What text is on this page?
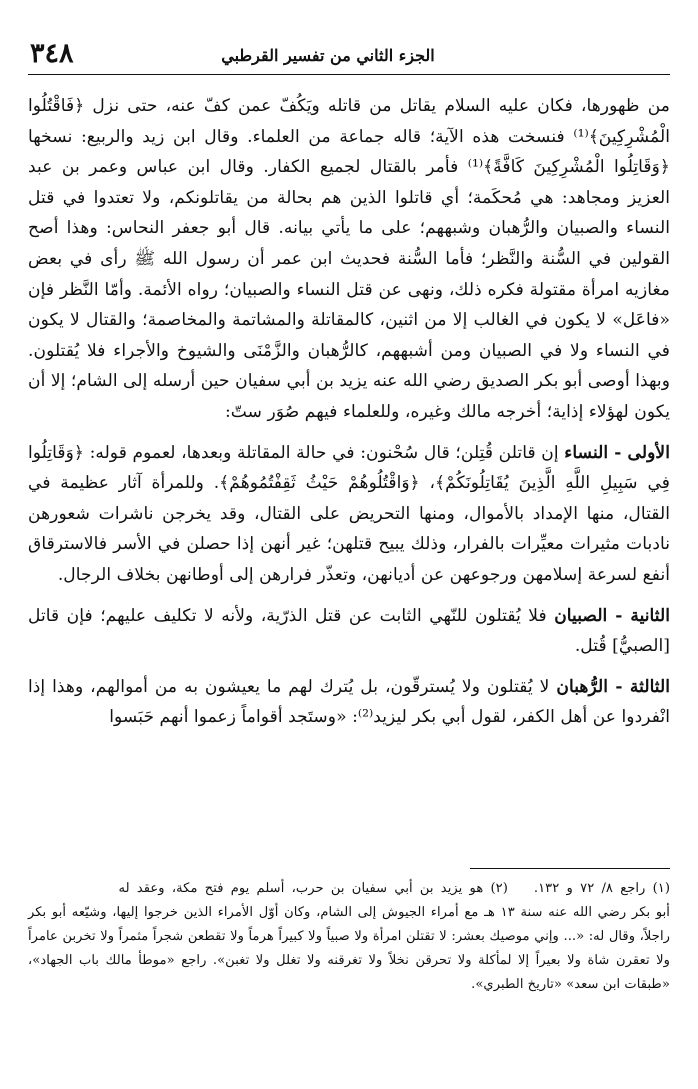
الجزء الثاني من تفسير القرطبي
٣٤٨

من ظهورها، فكان عليه السلام يقاتل من قاتله ويَكُفّ عمن كفّ عنه، حتى نزل ﴿فَاقْتُلُوا الْمُشْرِكِينَ﴾⁽¹⁾ فنسخت هذه الآية؛ قاله جماعة من العلماء. وقال ابن زيد والربيع: نسخها ﴿وَقَاتِلُوا الْمُشْرِكِينَ كَافَّةً﴾⁽¹⁾ فأمر بالقتال لجميع الكفار. وقال ابن عباس وعمر بن عبد العزيز ومجاهد: هي مُحكَمة؛ أي قاتلوا الذين هم بحالة من يقاتلونكم، ولا تعتدوا في قتل النساء والصبيان والرُّهبان وشبههم؛ على ما يأتي بيانه. قال أبو جعفر النحاس: وهذا أصح القولين في السُّنة والنَّظر؛ فأما السُّنة فحديث ابن عمر أن رسول الله ﷺ رأى في بعض مغازيه امرأة مقتولة فكره ذلك، ونهى عن قتل النساء والصبيان؛ رواه الأئمة. وأمّا النَّظر فإن «فاعَل» لا يكون في الغالب إلا من اثنين، كالمقاتلة والمشاتمة والمخاصمة؛ والقتال لا يكون في النساء ولا في الصبيان ومن أشبههم، كالرُّهبان والزَّمْنَى والشيوخ والأجراء فلا يُقتلون. وبهذا أوصى أبو بكر الصديق رضي الله عنه يزيد بن أبي سفيان حين أرسله إلى الشام؛ إلا أن يكون لهؤلاء إذاية؛ أخرجه مالك وغيره، وللعلماء فيهم صُوَر ستّ:

الأولى - النساء إن قاتلن قُتِلن؛ قال سُحْنون: في حالة المقاتلة وبعدها، لعموم قوله: ﴿وَقَاتِلُوا فِي سَبِيلِ اللَّهِ الَّذِينَ يُقَاتِلُونَكُمْ﴾، ﴿وَاقْتُلُوهُمْ حَيْثُ ثَقِفْتُمُوهُمْ﴾. وللمرأة آثار عظيمة في القتال، منها الإمداد بالأموال، ومنها التحريض على القتال، وقد يخرجن ناشرات شعورهن نادبات مثيرات معيِّرات بالفرار، وذلك يبيح قتلهن؛ غير أنهن إذا حصلن في الأسر فالاسترقاق أنفع لسرعة إسلامهن ورجوعهن عن أديانهن، وتعذّر فرارهن إلى أوطانهن بخلاف الرجال.

الثانية - الصبيان فلا يُقتلون للنّهي الثابت عن قتل الذرّية، ولأنه لا تكليف عليهم؛ فإن قاتل [الصبيُّ] قُتل.

الثالثة - الرُّهبان لا يُقتلون ولا يُسترقّون، بل يُترك لهم ما يعيشون به من أموالهم، وهذا إذا انْفردوا عن أهل الكفر، لقول أبي بكر ليزيد⁽²⁾: «وستَجد أقواماً زعموا أنهم حَبَسوا

(١) راجع ٨/ ٧٢ و ١٣٢.(٢) هو يزيد بن أبي سفيان بن حرب، أسلم يوم فتح مكة، وعقد له

أبو بكر رضي الله عنه سنة ١٣ هـ مع أمراء الجيوش إلى الشام، وكان أوّل الأمراء الذين خرجوا إليها، وشيّعه أبو بكر راجلاً، وقال له: «... وإني موصيك بعشر: لا تقتلن امرأة ولا صبياً ولا كبيراً هرماً ولا تقطعن شجراً مثمراً ولا تخربن عامراً ولا تعقرن شاة ولا بعيراً إلا لمأكلة ولا تحرقن نخلاً ولا تغرقنه ولا تغلل ولا تغبن». راجع «موطأ مالك باب الجهاد»، «طبقات ابن سعد» «تاريخ الطبري».
